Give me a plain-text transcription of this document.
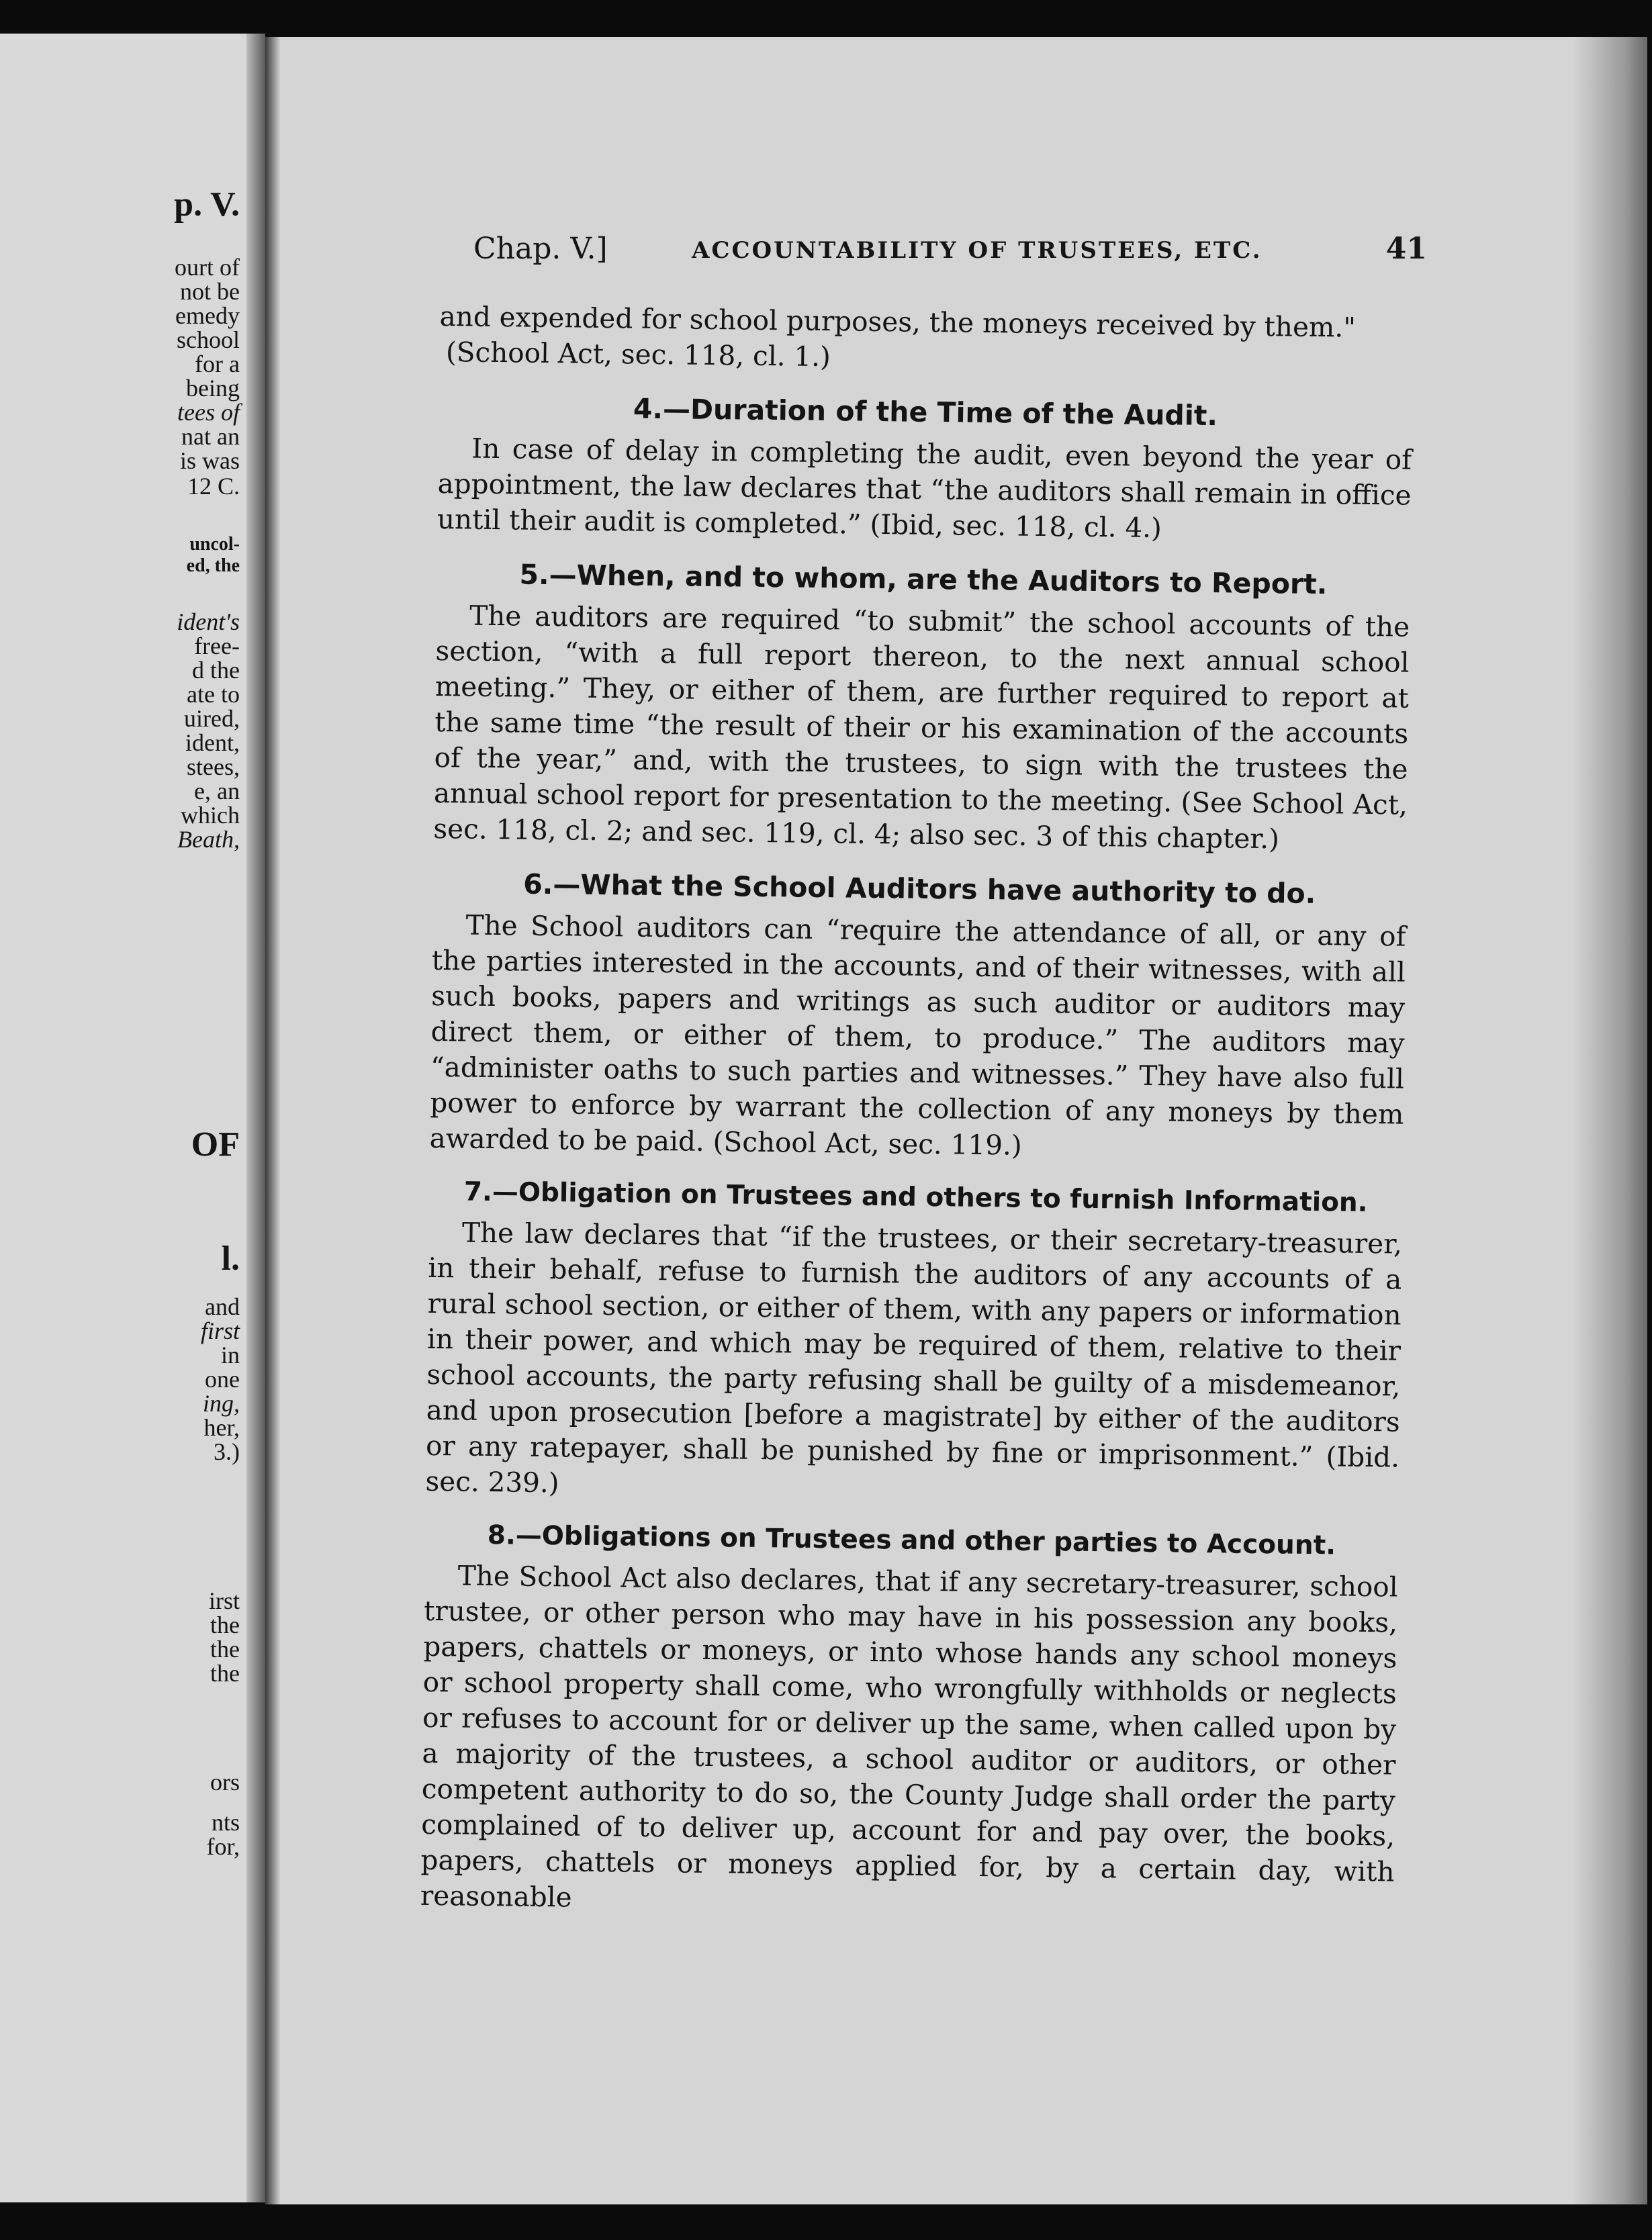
p. V.
ourt of
not be
emedy
school
for a
being
tees of
nat an
is was
12 C.
uncol-
ed, the
ident's
free-
d the
ate to
uired,
ident,
stees,
e, an
which
Beath,
OF
l.
and
first
in
one
ing,
her,
3.)
irst
the
the
the
ors
nts
for,
Chap. V.]	ACCOUNTABILITY OF TRUSTEES, ETC.	41

and expended for school purposes, the moneys received by them."

(School Act, sec. 118, cl. 1.)

4.—Duration of the Time of the Audit.

In case of delay in completing the audit, even beyond the year of appointment, the law declares that “the auditors shall remain in office until their audit is completed.” (Ibid, sec. 118, cl. 4.)

5.—When, and to whom, are the Auditors to Report.

The auditors are required “to submit” the school accounts of the section, “with a full report thereon, to the next annual school meeting.” They, or either of them, are further required to report at the same time “the result of their or his examination of the accounts of the year,” and, with the trustees, to sign with the trustees the annual school report for presentation to the meeting. (See School Act, sec. 118, cl. 2; and sec. 119, cl. 4; also sec. 3 of this chapter.)

6.—What the School Auditors have authority to do.

The School auditors can “require the attendance of all, or any of the parties interested in the accounts, and of their witnesses, with all such books, papers and writings as such auditor or auditors may direct them, or either of them, to produce.” The auditors may “administer oaths to such parties and witnesses.” They have also full power to enforce by warrant the collection of any moneys by them awarded to be paid. (School Act, sec. 119.)

7.—Obligation on Trustees and others to furnish Information.

The law declares that “if the trustees, or their secretary-treasurer, in their behalf, refuse to furnish the auditors of any accounts of a rural school section, or either of them, with any papers or information in their power, and which may be required of them, relative to their school accounts, the party refusing shall be guilty of a misdemeanor, and upon prosecution [before a magistrate] by either of the auditors or any ratepayer, shall be punished by fine or imprisonment.” (Ibid. sec. 239.)

8.—Obligations on Trustees and other parties to Account.

The School Act also declares, that if any secretary-treasurer, school trustee, or other person who may have in his possession any books, papers, chattels or moneys, or into whose hands any school moneys or school property shall come, who wrongfully withholds or neglects or refuses to account for or deliver up the same, when called upon by a majority of the trustees, a school auditor or auditors, or other competent authority to do so, the County Judge shall order the party complained of to deliver up, account for and pay over, the books, papers, chattels or moneys applied for, by a certain day, with reasonable
